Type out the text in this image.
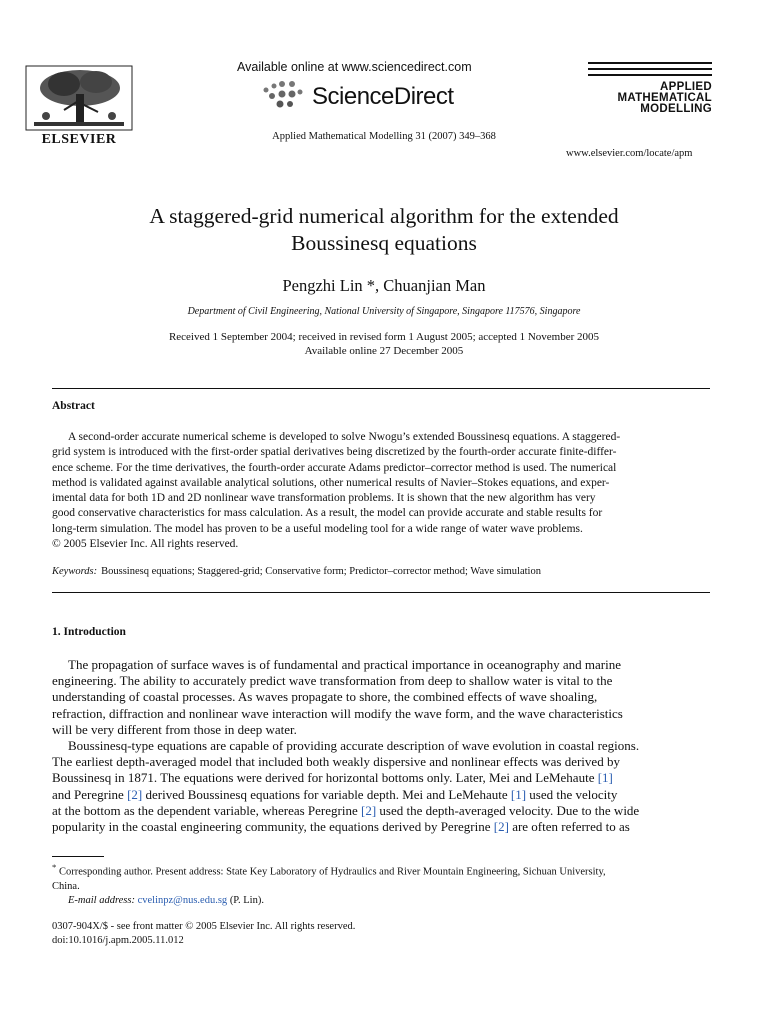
ELSEVIER
Available online at www.sciencedirect.com
ScienceDirect
Applied Mathematical Modelling 31 (2007) 349–368
APPLIED
MATHEMATICAL
MODELLING
www.elsevier.com/locate/apm
A staggered-grid numerical algorithm for the extended
Boussinesq equations
Pengzhi Lin *, Chuanjian Man
Department of Civil Engineering, National University of Singapore, Singapore 117576, Singapore
Received 1 September 2004; received in revised form 1 August 2005; accepted 1 November 2005
Available online 27 December 2005
Abstract
A second-order accurate numerical scheme is developed to solve Nwogu’s extended Boussinesq equations. A staggered-
grid system is introduced with the first-order spatial derivatives being discretized by the fourth-order accurate finite-differ-
ence scheme. For the time derivatives, the fourth-order accurate Adams predictor–corrector method is used. The numerical
method is validated against available analytical solutions, other numerical results of Navier–Stokes equations, and exper-
imental data for both 1D and 2D nonlinear wave transformation problems. It is shown that the new algorithm has very
good conservative characteristics for mass calculation. As a result, the model can provide accurate and stable results for
long-term simulation. The model has proven to be a useful modeling tool for a wide range of water wave problems.
© 2005 Elsevier Inc. All rights reserved.
Keywords: Boussinesq equations; Staggered-grid; Conservative form; Predictor–corrector method; Wave simulation
1. Introduction

The propagation of surface waves is of fundamental and practical importance in oceanography and marine

engineering. The ability to accurately predict wave transformation from deep to shallow water is vital to the

understanding of coastal processes. As waves propagate to shore, the combined effects of wave shoaling,

refraction, diffraction and nonlinear wave interaction will modify the wave form, and the wave characteristics

will be very different from those in deep water.

Boussinesq-type equations are capable of providing accurate description of wave evolution in coastal regions.

The earliest depth-averaged model that included both weakly dispersive and nonlinear effects was derived by

Boussinesq in 1871. The equations were derived for horizontal bottoms only. Later, Mei and LeMehaute [1]

and Peregrine [2] derived Boussinesq equations for variable depth. Mei and LeMehaute [1] used the velocity

at the bottom as the dependent variable, whereas Peregrine [2] used the depth-averaged velocity. Due to the wide

popularity in the coastal engineering community, the equations derived by Peregrine [2] are often referred to as

* Corresponding author. Present address: State Key Laboratory of Hydraulics and River Mountain Engineering, Sichuan University,
China.
E-mail address: cvelinpz@nus.edu.sg (P. Lin).
0307-904X/$ - see front matter © 2005 Elsevier Inc. All rights reserved.
doi:10.1016/j.apm.2005.11.012
